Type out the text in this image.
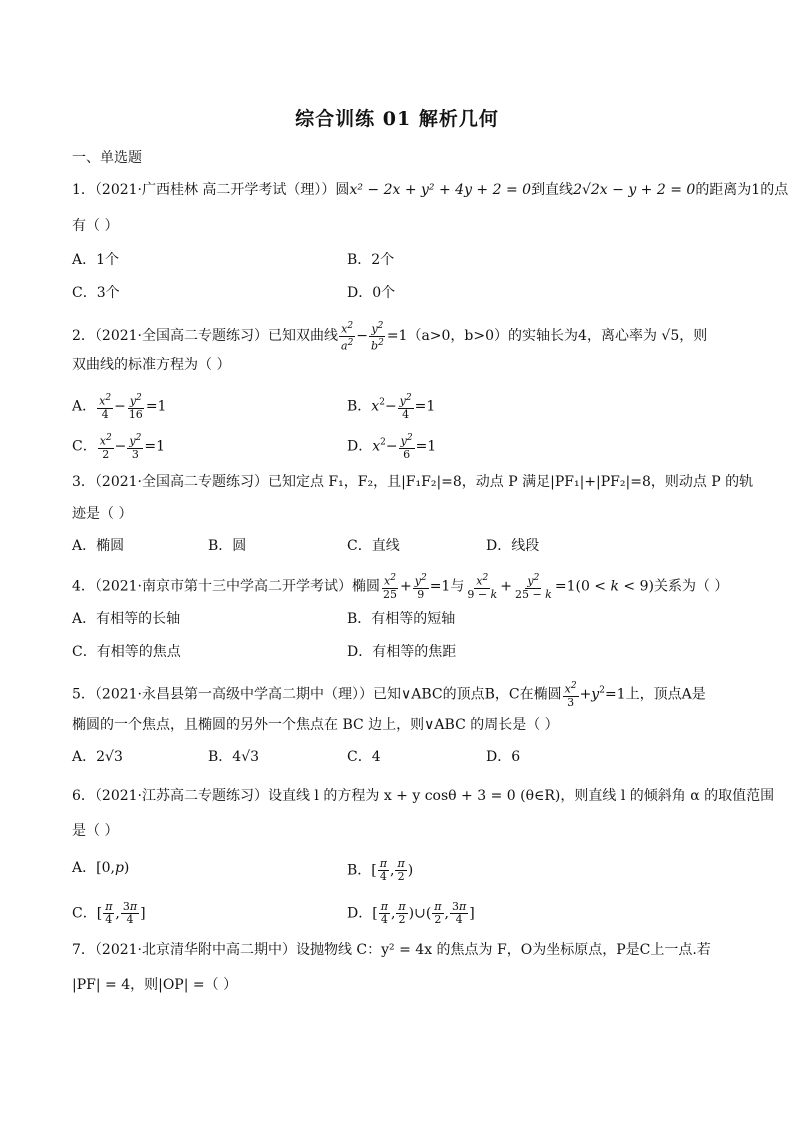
综合训练 01 解析几何
一、单选题
1．（2021·广西桂林 高二开学考试（理））圆x² − 2x + y² + 4y + 2 = 0到直线2√2x − y + 2 = 0的距离为1的点
有（ ）
A．1个	B．2个
C．3个	D．0个
2．（2021·全国高二专题练习）已知双曲线 $\frac{x^2}{a^2} - \frac{y^2}{b^2} =1(a>0$，b>0）的实轴长为4，离心率为 √5，则
双曲线的标准方程为（ ）
A． $\frac{x^2}{4} - \frac{y^2}{16} =1$	B．$x^2- \frac{y^2}{4} =1$
C． $\frac{x^2}{2} - \frac{y^2}{3} =1$	D．$x^2- \frac{y^2}{6} =1$
3．（2021·全国高二专题练习）已知定点 F₁，F₂，且|F₁F₂|=8，动点 P 满足|PF₁|+|PF₂|=8，则动点 P 的轨
迹是（ ）
A．椭圆	B．圆	C．直线	D．线段
4．（2021·南京市第十三中学高二开学考试）椭圆 $\frac{x^2}{25} + \frac{y^2}{9} =1$与 $\frac{x^2}{9 - k} + \frac{y^2}{25 - k} =1(0 < k < 9)$关系为（ ）
A．有相等的长轴	B．有相等的短轴
C．有相等的焦点	D．有相等的焦距
5．（2021·永昌县第一高级中学高二期中（理））已知∨ABC的顶点B，C在椭圆 $\frac{x^2}{3} +y^2=1$上，顶点A是
椭圆的一个焦点，且椭圆的另外一个焦点在 BC 边上，则∨ABC 的周长是（ ）
A．2√3	B．4√3	C．4	D．6
6．（2021·江苏高二专题练习）设直线 l 的方程为 x + y cosθ + 3 = 0 (θ∈R)，则直线 l 的倾斜角 α 的取值范围
是（ ）
A．[0,p)	B．[ $\frac{\pi}{4}$ , $\frac{\pi}{2}$ )
C．[ $\frac{\pi}{4}$ , $\frac{3\pi}{4}$ ]	D．[ $\frac{\pi}{4}$ , $\frac{\pi}{2}$ )∪( $\frac{\pi}{2}$ , $\frac{3\pi}{4}$ ]
7．（2021·北京清华附中高二期中）设抛物线 C：y² = 4x 的焦点为 F，O为坐标原点，P是C上一点.若
|PF| = 4，则|OP| =（ ）
